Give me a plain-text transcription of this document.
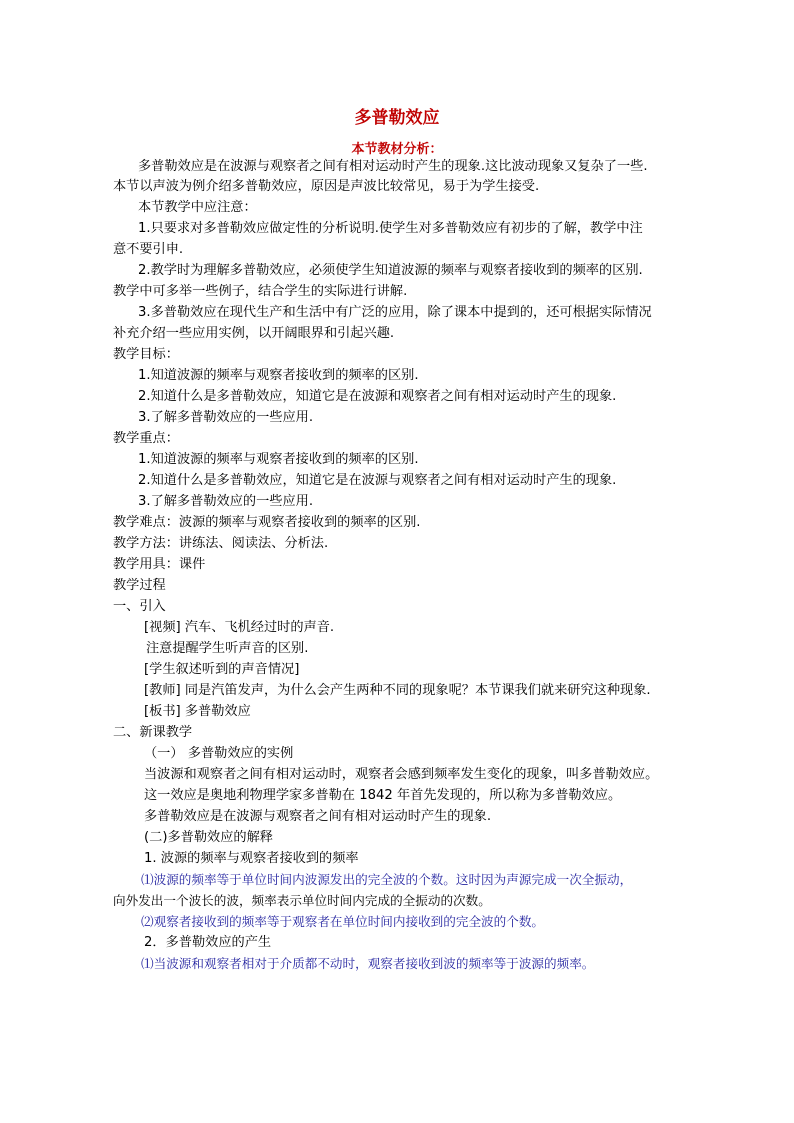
多普勒效应
本节教材分析：
多普勒效应是在波源与观察者之间有相对运动时产生的现象.这比波动现象又复杂了一些.
本节以声波为例介绍多普勒效应，原因是声波比较常见，易于为学生接受.
本节教学中应注意：
1.只要求对多普勒效应做定性的分析说明.使学生对多普勒效应有初步的了解，教学中注
意不要引申.
2.教学时为理解多普勒效应，必须使学生知道波源的频率与观察者接收到的频率的区别.
教学中可多举一些例子，结合学生的实际进行讲解.
3.多普勒效应在现代生产和生活中有广泛的应用，除了课本中提到的，还可根据实际情况
补充介绍一些应用实例，以开阔眼界和引起兴趣.
教学目标：
1.知道波源的频率与观察者接收到的频率的区别.
2.知道什么是多普勒效应，知道它是在波源和观察者之间有相对运动时产生的现象.
3.了解多普勒效应的一些应用.
教学重点：
1.知道波源的频率与观察者接收到的频率的区别.
2.知道什么是多普勒效应，知道它是在波源与观察者之间有相对运动时产生的现象.
3.了解多普勒效应的一些应用.
教学难点：波源的频率与观察者接收到的频率的区别.
教学方法：讲练法、阅读法、分析法.
教学用具：课件
教学过程
一、引入
[视频] 汽车、飞机经过时的声音.
注意提醒学生听声音的区别.
[学生叙述听到的声音情况]
[教师] 同是汽笛发声，为什么会产生两种不同的现象呢？本节课我们就来研究这种现象.
[板书] 多普勒效应
二、新课教学
（一） 多普勒效应的实例
当波源和观察者之间有相对运动时，观察者会感到频率发生变化的现象，叫多普勒效应。
这一效应是奥地利物理学家多普勒在 1842 年首先发现的，所以称为多普勒效应。
多普勒效应是在波源与观察者之间有相对运动时产生的现象.
(二)多普勒效应的解释
1. 波源的频率与观察者接收到的频率
⑴波源的频率等于单位时间内波源发出的完全波的个数。这时因为声源完成一次全振动，
向外发出一个波长的波，频率表示单位时间内完成的全振动的次数。
⑵观察者接收到的频率等于观察者在单位时间内接收到的完全波的个数。
2．多普勒效应的产生
⑴当波源和观察者相对于介质都不动时，观察者接收到波的频率等于波源的频率。
